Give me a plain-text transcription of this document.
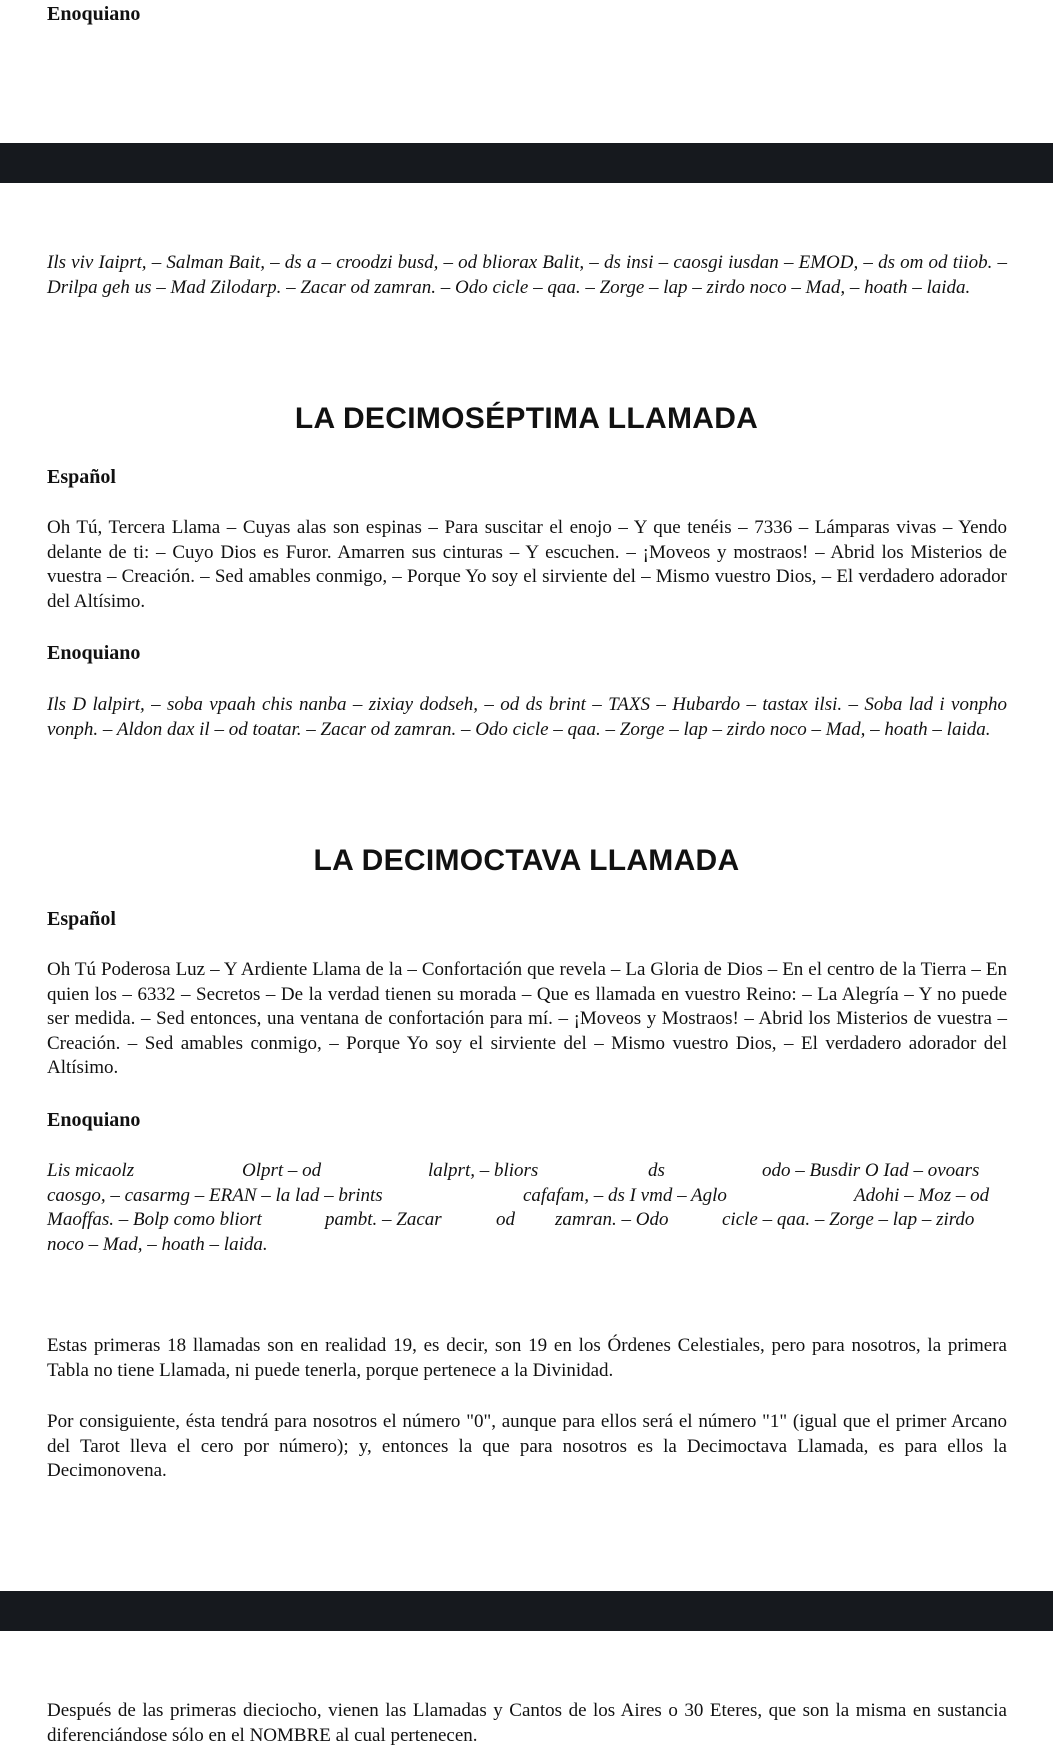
Enoquiano
Ils viv Iaiprt, – Salman Bait, – ds a – croodzi busd, – od bliorax Balit, – ds insi – caosgi iusdan – EMOD, – ds om od tiiob. – Drilpa geh us – Mad Zilodarp. – Zacar od zamran. – Odo cicle – qaa. – Zorge – lap – zirdo noco – Mad, – hoath – laida.
LA DECIMOSÉPTIMA LLAMADA
Español
Oh Tú, Tercera Llama – Cuyas alas son espinas – Para suscitar el enojo – Y que tenéis – 7336 – Lámparas vivas – Yendo delante de ti: – Cuyo Dios es Furor. Amarren sus cinturas – Y escuchen. – ¡Moveos y mostraos! – Abrid los Misterios de vuestra – Creación. – Sed amables conmigo, – Porque Yo soy el sirviente del – Mismo vuestro Dios, – El verdadero adorador del Altísimo.
Enoquiano
Ils D lalpirt, – soba vpaah chis nanba – zixiay dodseh, – od ds brint – TAXS – Hubardo – tastax ilsi. – Soba lad i vonpho vonph. – Aldon dax il – od toatar. – Zacar od zamran. – Odo cicle – qaa. – Zorge – lap – zirdo noco – Mad, – hoath – laida.
LA DECIMOCTAVA LLAMADA
Español
Oh Tú Poderosa Luz – Y Ardiente Llama de la – Confortación que revela – La Gloria de Dios – En el centro de la Tierra – En quien los – 6332 – Secretos – De la verdad tienen su morada – Que es llamada en vuestro Reino: – La Alegría – Y no puede ser medida. – Sed entonces, una ventana de confortación para mí. – ¡Moveos y Mostraos! – Abrid los Misterios de vuestra – Creación. – Sed amables conmigo, – Porque Yo soy el sirviente del – Mismo vuestro Dios, – El verdadero adorador del Altísimo.
Enoquiano
Lis micaolz	Olprt – od	lalprt, – bliors	ds	odo – Busdir O Iad – ovoars
caosgo, – casarmg – ERAN – la lad – brints	cafafam, – ds I vmd – Aglo	Adohi – Moz – od
Maoffas. – Bolp como bliort	pambt. – Zacar	od zamran. – Odo	cicle – qaa. – Zorge – lap – zirdo
noco – Mad, – hoath – laida.
Estas primeras 18 llamadas son en realidad 19, es decir, son 19 en los Órdenes Celestiales, pero para nosotros, la primera Tabla no tiene Llamada, ni puede tenerla, porque pertenece a la Divinidad.
Por consiguiente, ésta tendrá para nosotros el número "0", aunque para ellos será el número "1" (igual que el primer Arcano del Tarot lleva el cero por número); y, entonces la que para nosotros es la Decimoctava Llamada, es para ellos la Decimonovena.
Después de las primeras dieciocho, vienen las Llamadas y Cantos de los Aires o 30 Eteres, que son la misma en sustancia diferenciándose sólo en el NOMBRE al cual pertenecen.
